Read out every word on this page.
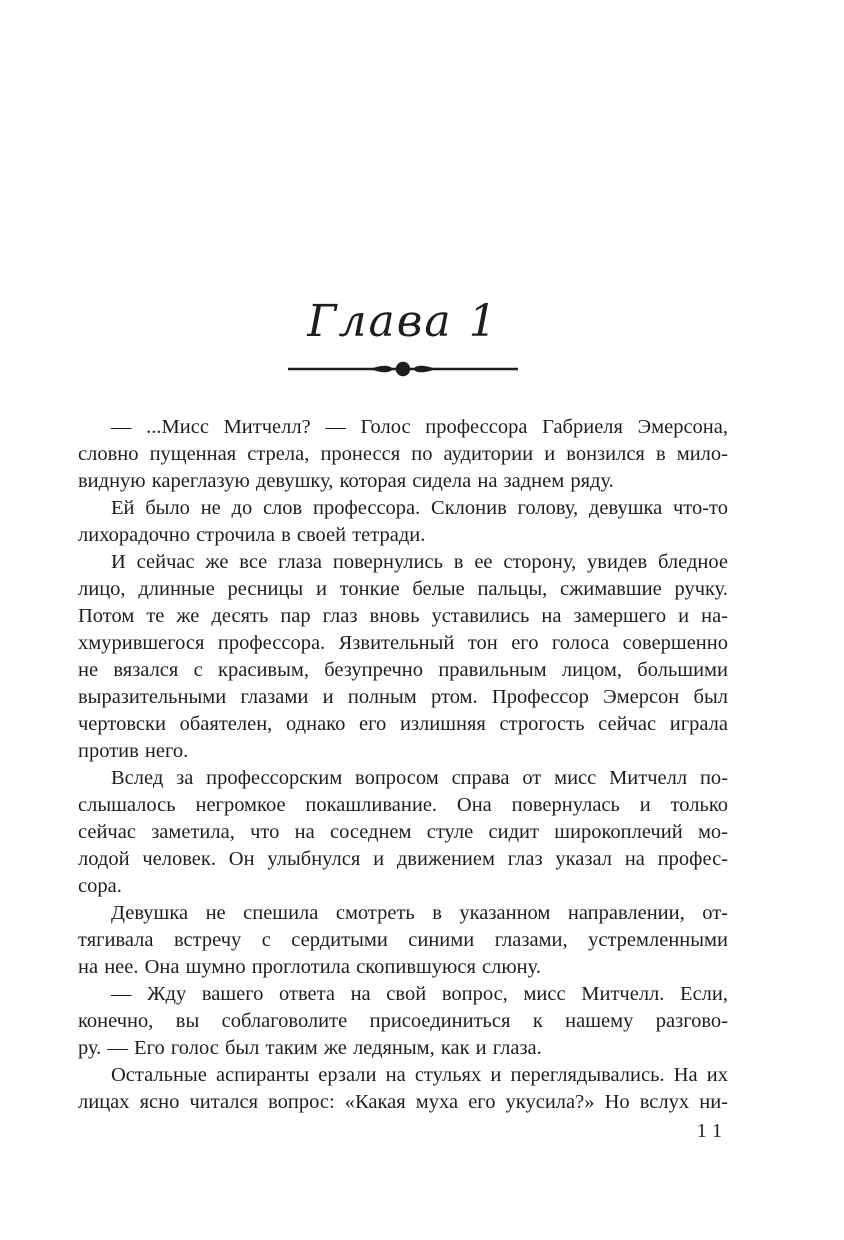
Глава 1
— ...Мисс Митчелл? — Голос профессора Габриеля Эмерсона,
словно пущенная стрела, пронесся по аудитории и вонзился в мило-
видную кареглазую девушку, которая сидела на заднем ряду.
Ей было не до слов профессора. Склонив голову, девушка что-то
лихорадочно строчила в своей тетради.
И сейчас же все глаза повернулись в ее сторону, увидев бледное
лицо, длинные ресницы и тонкие белые пальцы, сжимавшие ручку.
Потом те же десять пар глаз вновь уставились на замершего и на-
хмурившегося профессора. Язвительный тон его голоса совершенно
не вязался с красивым, безупречно правильным лицом, большими
выразительными глазами и полным ртом. Профессор Эмерсон был
чертовски обаятелен, однако его излишняя строгость сейчас играла
против него.
Вслед за профессорским вопросом справа от мисс Митчелл по-
слышалось негромкое покашливание. Она повернулась и только
сейчас заметила, что на соседнем стуле сидит широкоплечий мо-
лодой человек. Он улыбнулся и движением глаз указал на профес-
сора.
Девушка не спешила смотреть в указанном направлении, от-
тягивала встречу с сердитыми синими глазами, устремленными
на нее. Она шумно проглотила скопившуюся слюну.
— Жду вашего ответа на свой вопрос, мисс Митчелл. Если,
конечно, вы соблаговолите присоединиться к нашему разгово-
ру. — Его голос был таким же ледяным, как и глаза.
Остальные аспиранты ерзали на стульях и переглядывались. На их
лицах ясно читался вопрос: «Какая муха его укусила?» Но вслух ни-
11
